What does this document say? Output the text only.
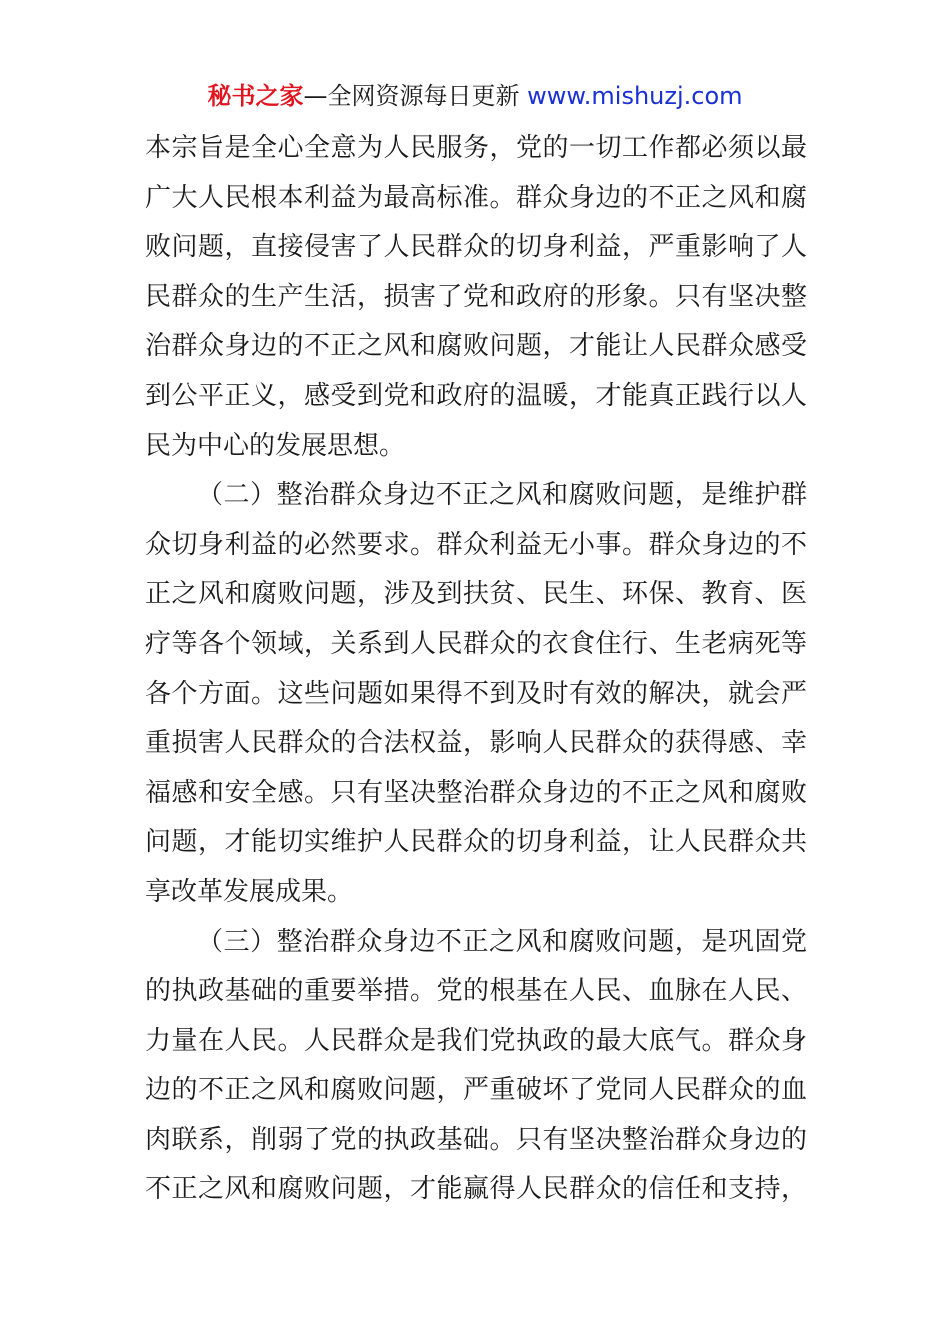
秘书之家—全网资源每日更新 www.mishuzj.com
本宗旨是全心全意为人民服务，党的一切工作都必须以最
广大人民根本利益为最高标准。群众身边的不正之风和腐
败问题，直接侵害了人民群众的切身利益，严重影响了人
民群众的生产生活，损害了党和政府的形象。只有坚决整
治群众身边的不正之风和腐败问题，才能让人民群众感受
到公平正义，感受到党和政府的温暖，才能真正践行以人
民为中心的发展思想。
（二）整治群众身边不正之风和腐败问题，是维护群
众切身利益的必然要求。群众利益无小事。群众身边的不
正之风和腐败问题，涉及到扶贫、民生、环保、教育、医
疗等各个领域，关系到人民群众的衣食住行、生老病死等
各个方面。这些问题如果得不到及时有效的解决，就会严
重损害人民群众的合法权益，影响人民群众的获得感、幸
福感和安全感。只有坚决整治群众身边的不正之风和腐败
问题，才能切实维护人民群众的切身利益，让人民群众共
享改革发展成果。
（三）整治群众身边不正之风和腐败问题，是巩固党
的执政基础的重要举措。党的根基在人民、血脉在人民、
力量在人民。人民群众是我们党执政的最大底气。群众身
边的不正之风和腐败问题，严重破坏了党同人民群众的血
肉联系，削弱了党的执政基础。只有坚决整治群众身边的
不正之风和腐败问题，才能赢得人民群众的信任和支持，
